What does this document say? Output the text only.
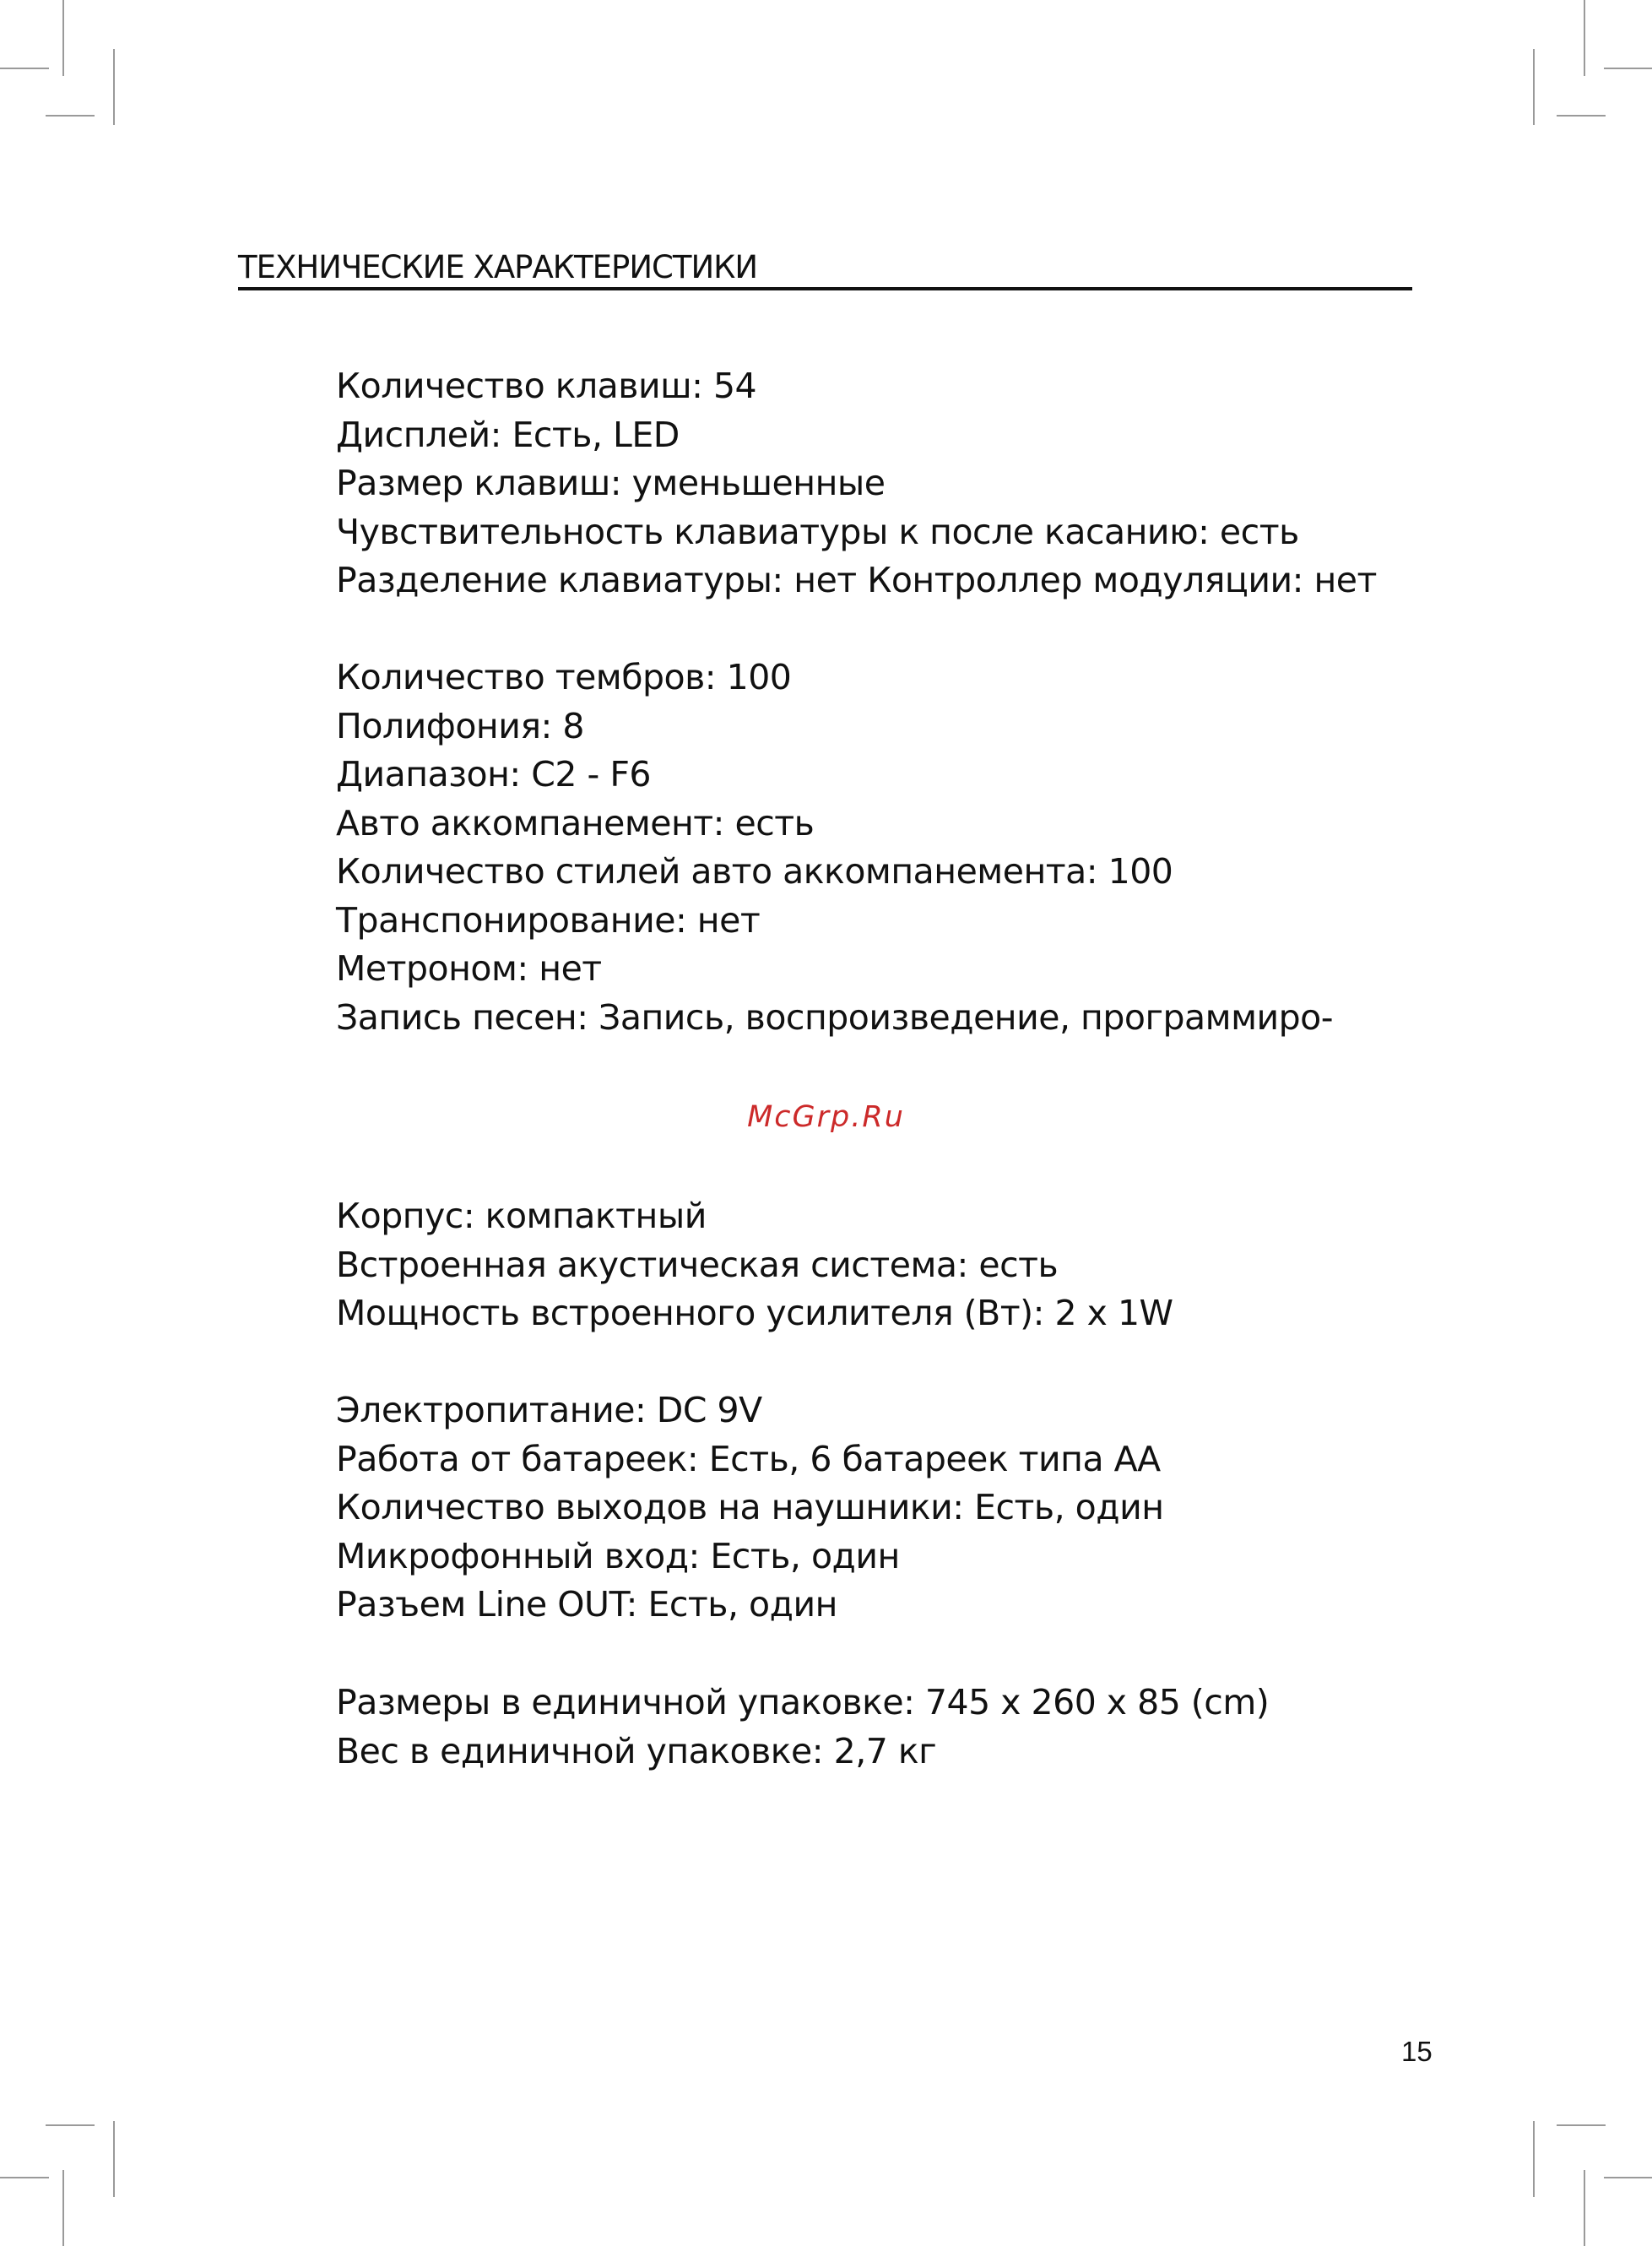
ТЕХНИЧЕСКИЕ ХАРАКТЕРИСТИКИ
Количество клавиш: 54
Дисплей: Есть, LED
Размер клавиш: уменьшенные
Чувствительность клавиатуры к после касанию: есть
Разделение клавиатуры: нет Контроллер модуляции: нет
Количество тембров: 100
Полифония: 8
Диапазон: C2 - F6
Авто аккомпанемент: есть
Количество стилей авто аккомпанемента: 100
Транспонирование: нет
Метроном: нет
Запись песен: Запись, воспроизведение, программиро-
McGrp.Ru
Корпус: компактный
Встроенная акустическая система: есть
Мощность встроенного усилителя (Вт): 2 x 1W
Электропитание: DC 9V
Работа от батареек: Есть, 6 батареек типа АА
Количество выходов на наушники: Есть, один
Микрофонный вход: Есть, один
Разъем Line OUT: Есть, один
Размеры в единичной упаковке: 745 x 260 x 85 (cm)
Вес в единичной упаковке: 2,7 кг
15
